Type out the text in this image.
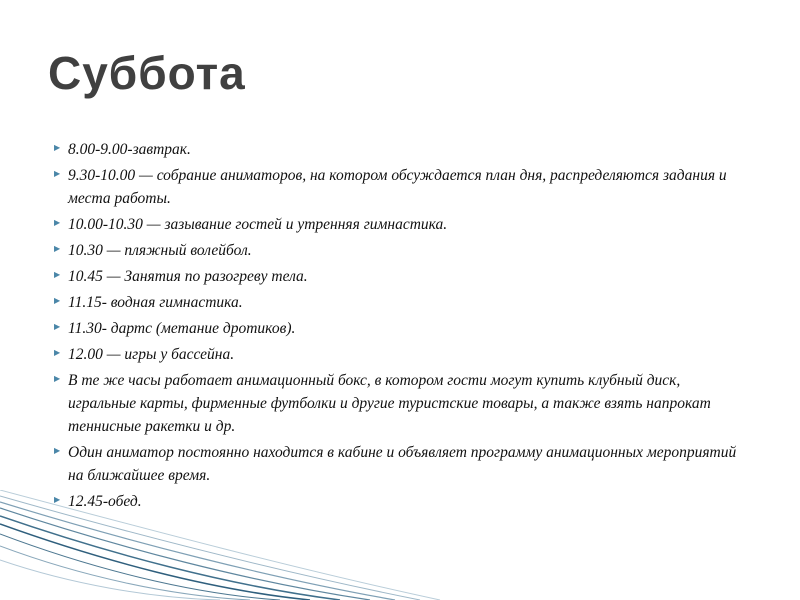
Суббота
▶ 8.00-9.00-завтрак.
▶ 9.30-10.00 — собрание аниматоров, на котором обсуждается план дня, распределяются задания и места работы.
▶ 10.00-10.30 — зазывание гостей и утренняя гимнастика.
▶ 10.30 — пляжный волейбол.
▶ 10.45 — Занятия по разогреву тела.
▶ 11.15- водная гимнастика.
▶ 11.30- дартс (метание дротиков).
▶ 12.00 — игры у бассейна.
▶ В те же часы работает анимационный бокс, в котором гости могут купить клубный диск, игральные карты, фирменные футболки и другие туристские товары, а также взять напрокат теннисные ракетки и др.
▶ Один аниматор постоянно находится в кабине и объявляет программу анимационных мероприятий на ближайшее время.
▶ 12.45-обед.
